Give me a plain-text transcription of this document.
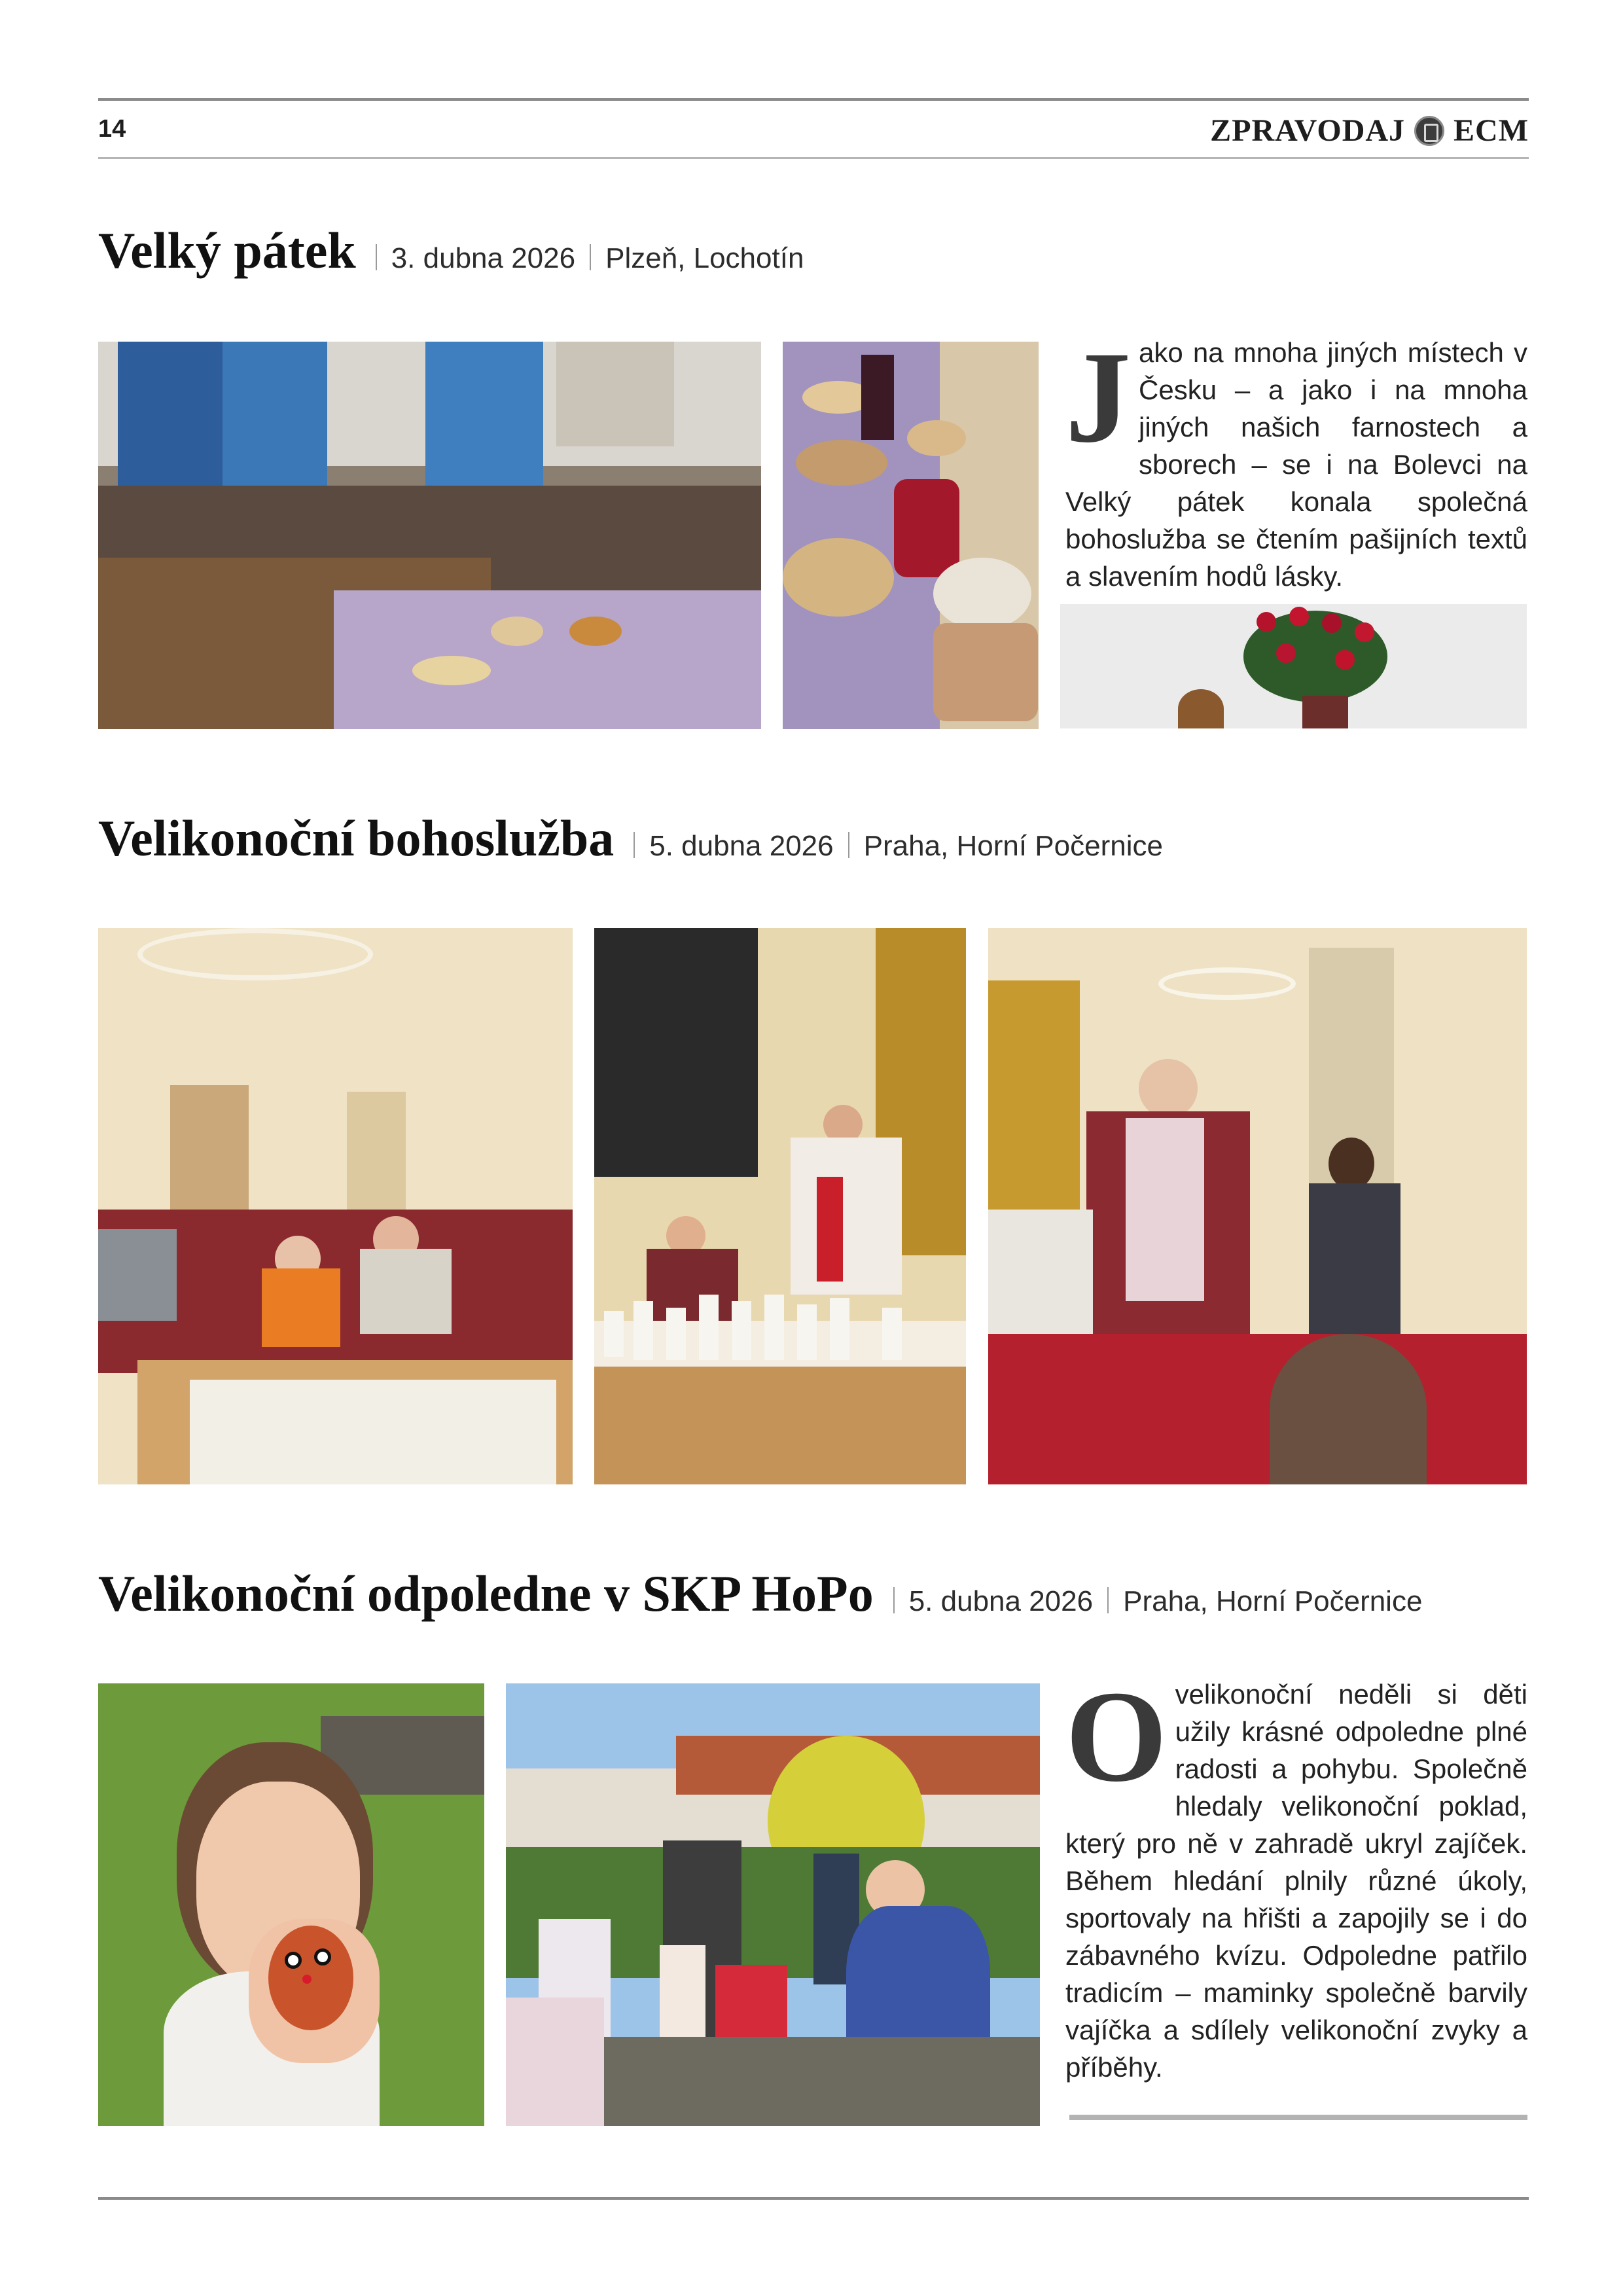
14	ZPRAVODAJ ECM
Velký pátek 3. dubna 2026 Plzeň, Lochotín
J ako na mnoha jiných místech v Česku – a jako i na mnoha jiných našich farnostech a sborech – se i na Bolevci na Velký pátek konala společná bohoslužba se čtením pašijních textů a slavením hodů lásky.
Velikonoční bohoslužba 5. dubna 2026 Praha, Horní Počernice
Velikonoční odpoledne v SKP HoPo 5. dubna 2026 Praha, Horní Počernice
O velikonoční neděli si děti užily krásné odpoledne plné radosti a pohybu. Společně hledaly velikonoční poklad, který pro ně v zahradě ukryl zajíček. Během hledání plnily různé úkoly, sportovaly na hřišti a zapojily se i do zábavného kvízu. Odpoledne patřilo tradicím – maminky společně barvily vajíčka a sdílely velikonoční zvyky a příběhy.
